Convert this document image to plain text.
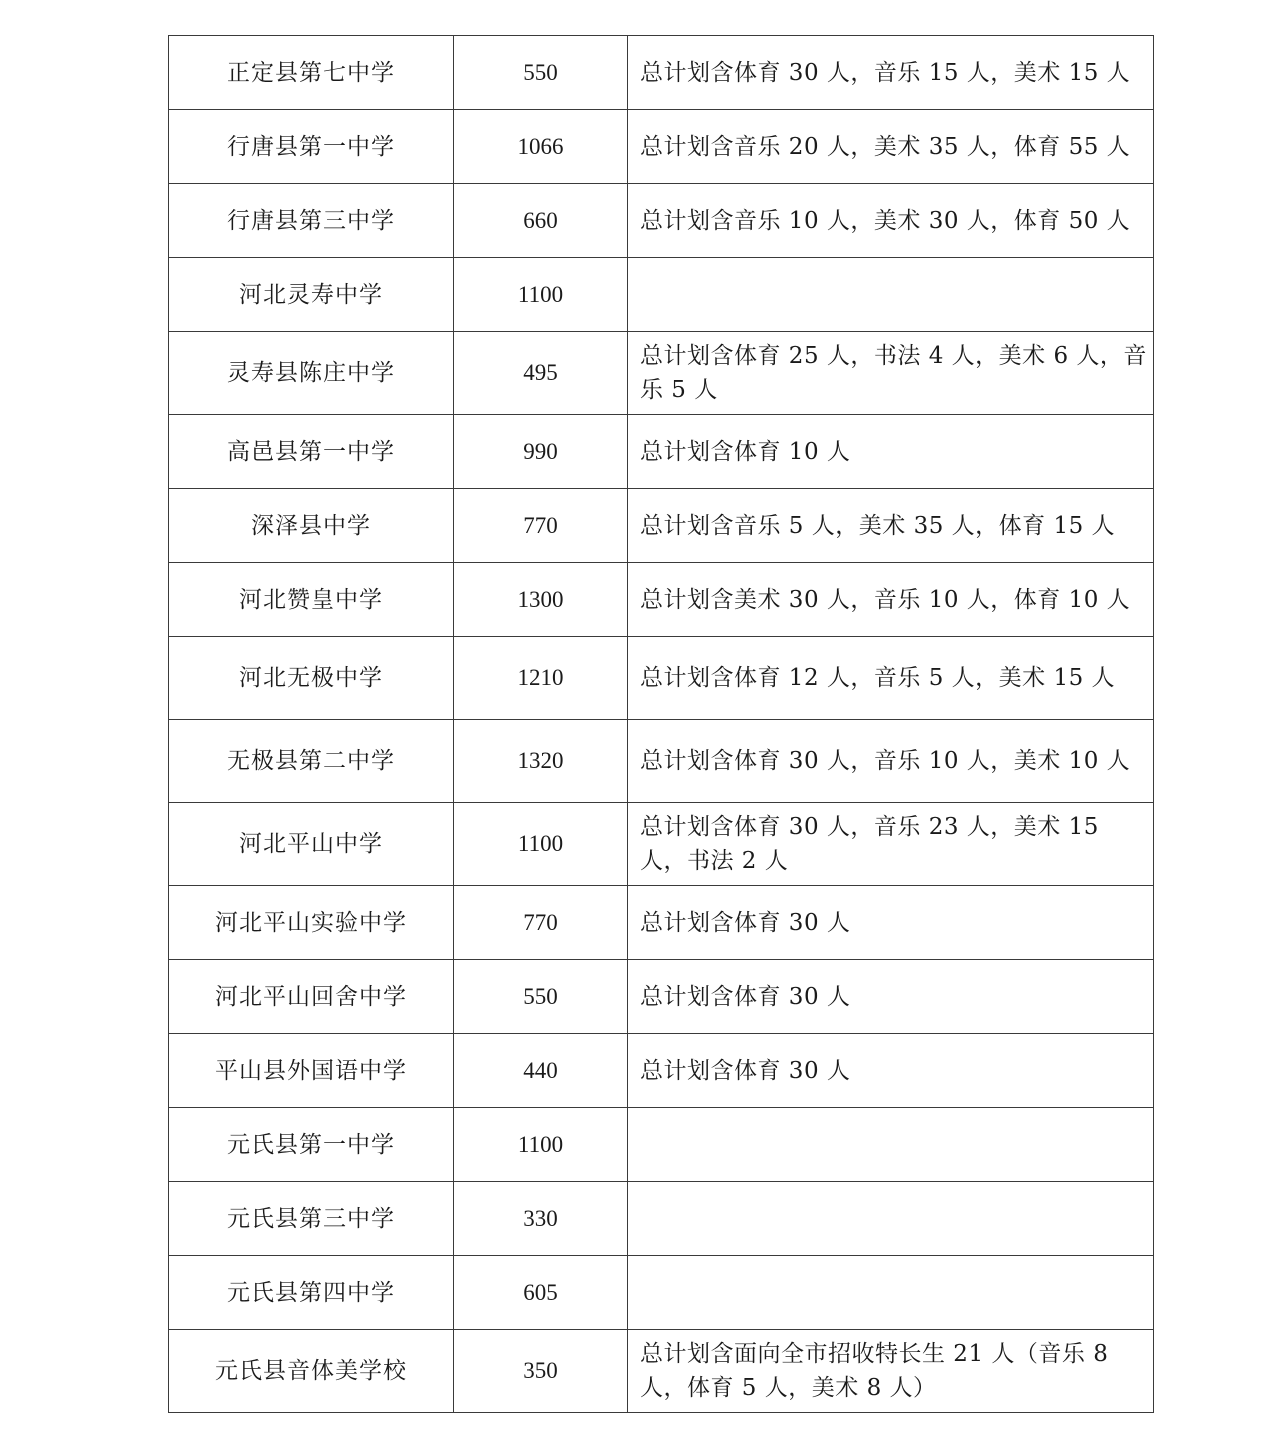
正定县第七中学	550	总计划含体育 30 人，音乐 15 人，美术 15 人
行唐县第一中学	1066	总计划含音乐 20 人，美术 35 人，体育 55 人
行唐县第三中学	660	总计划含音乐 10 人，美术 30 人，体育 50 人
河北灵寿中学	1100	
灵寿县陈庄中学	495	总计划含体育 25 人，书法 4 人，美术 6 人，音乐 5 人
高邑县第一中学	990	总计划含体育 10 人
深泽县中学	770	总计划含音乐 5 人，美术 35 人，体育 15 人
河北赞皇中学	1300	总计划含美术 30 人，音乐 10 人，体育 10 人
河北无极中学	1210	总计划含体育 12 人，音乐 5 人，美术 15 人
无极县第二中学	1320	总计划含体育 30 人，音乐 10 人，美术 10 人
河北平山中学	1100	总计划含体育 30 人，音乐 23 人，美术 15 人，书法 2 人
河北平山实验中学	770	总计划含体育 30 人
河北平山回舍中学	550	总计划含体育 30 人
平山县外国语中学	440	总计划含体育 30 人
元氏县第一中学	1100	
元氏县第三中学	330	
元氏县第四中学	605	
元氏县音体美学校	350	总计划含面向全市招收特长生 21 人（音乐 8 人，体育 5 人，美术 8 人）
